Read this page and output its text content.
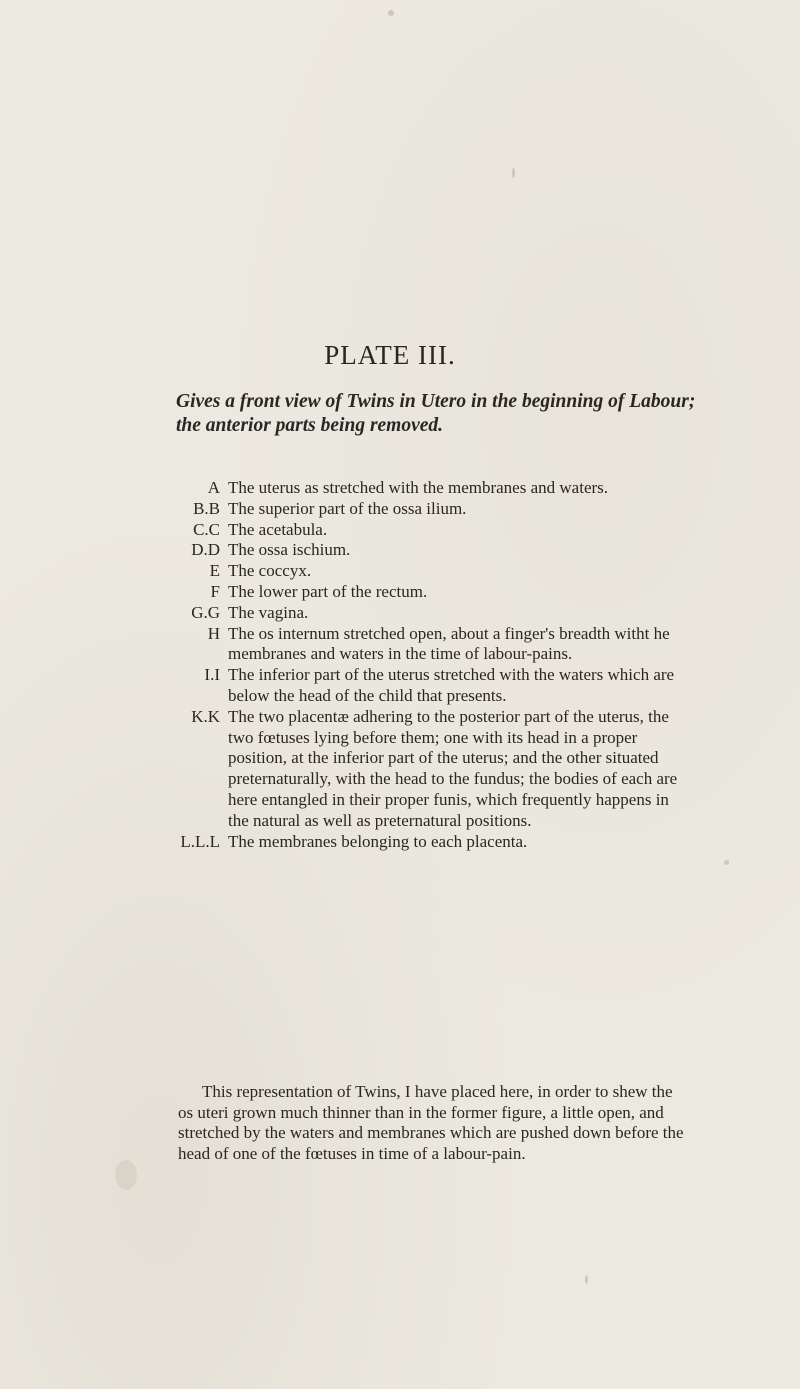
PLATE III.

Gives a front view of Twins in Utero in the beginning of Labour; the anterior parts being removed.

A The uterus as stretched with the membranes and waters.
B.B The superior part of the ossa ilium.
C.C The acetabula.
D.D The ossa ischium.
E The coccyx.
F The lower part of the rectum.
G.G The vagina.
H The os internum stretched open, about a finger's breadth witht he membranes and waters in the time of labour-pains.
I.I The inferior part of the uterus stretched with the waters which are below the head of the child that presents.
K.K The two placentæ adhering to the posterior part of the uterus, the two fœtuses lying before them; one with its head in a proper position, at the inferior part of the uterus; and the other situated preternaturally, with the head to the fundus; the bodies of each are here entangled in their proper funis, which frequently happens in the natural as well as preternatural positions.
L.L.L The membranes belonging to each placenta.

This representation of Twins, I have placed here, in order to shew the os uteri grown much thinner than in the former figure, a little open, and stretched by the waters and membranes which are pushed down before the head of one of the fœtuses in time of a labour-pain.
